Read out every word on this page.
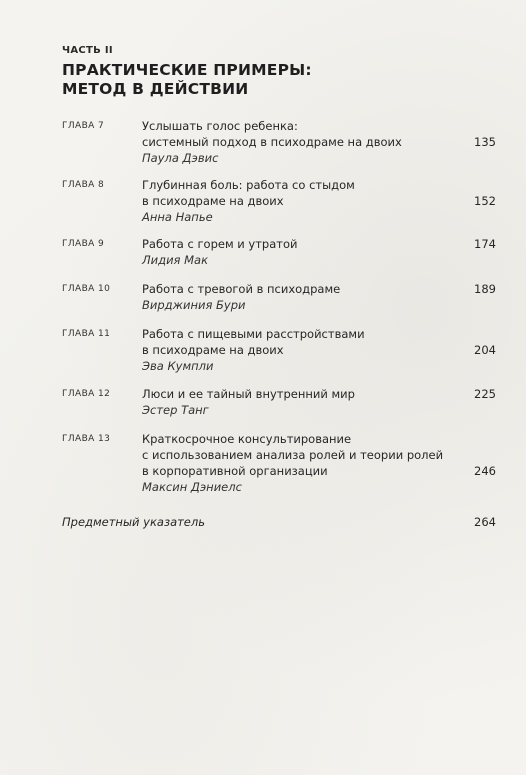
ЧАСТЬ II
ПРАКТИЧЕСКИЕ ПРИМЕРЫ:
МЕТОД В ДЕЙСТВИИ
ГЛАВА 7	Услышать голос ребенка:
системный подход в психодраме на двоих
Паула Дэвис
135
ГЛАВА 8	Глубинная боль: работа со стыдом
в психодраме на двоих
Анна Напье
152
ГЛАВА 9	Работа с горем и утратой
Лидия Мак
174
ГЛАВА 10	Работа с тревогой в психодраме
Вирджиния Бури
189
ГЛАВА 11	Работа с пищевыми расстройствами
в психодраме на двоих
Эва Кумпли
204
ГЛАВА 12	Люси и ее тайный внутренний мир
Эстер Танг
225
ГЛАВА 13	Краткосрочное консультирование
с использованием анализа ролей и теории ролей
в корпоративной организации
Максин Дэниелс
246
Предметный указатель	264
